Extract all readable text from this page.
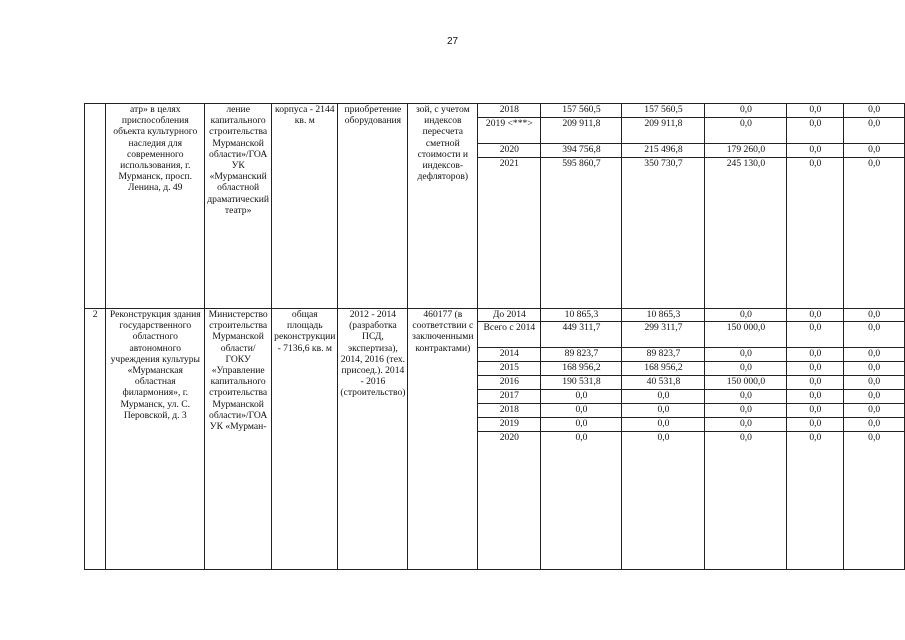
27
	атр» в целях приспособления объекта культурного наследия для современного использования, г. Мурманск, просп. Ленина, д. 49	ление капитального строительства Мурманской области»/ГОА УК «Мурманский областной драматический театр»	корпуса - 2144 кв. м	приобретение оборудования	зой, с учетом индексов пересчета сметной стоимости и индексов-дефляторов)	2018	157 560,5	157 560,5	0,0	0,0	0,0
						2019 <***>	209 911,8	209 911,8	0,0	0,0	0,0
						2020	394 756,8	215 496,8	179 260,0	0,0	0,0
						2021	595 860,7	350 730,7	245 130,0	0,0	0,0
2	Реконструкция здания государственного областного автономного учреждения культуры «Мурманская областная филармония», г. Мурманск, ул. С. Перовской, д. 3	Министерство строительства Мурманской области/ ГОКУ «Управление капитального строительства Мурманской области»/ГОА УК «Мурман-	общая площадь реконструкции - 7136,6 кв. м	2012 - 2014 (разработка ПСД, экспертиза), 2014, 2016 (тех. присоед.). 2014 - 2016 (строительство)	460177 (в соответствии с заключенными контрактами)	До 2014	10 865,3	10 865,3	0,0	0,0	0,0
						Всего с 2014	449 311,7	299 311,7	150 000,0	0,0	0,0
						2014	89 823,7	89 823,7	0,0	0,0	0,0
						2015	168 956,2	168 956,2	0,0	0,0	0,0
						2016	190 531,8	40 531,8	150 000,0	0,0	0,0
						2017	0,0	0,0	0,0	0,0	0,0
						2018	0,0	0,0	0,0	0,0	0,0
						2019	0,0	0,0	0,0	0,0	0,0
						2020	0,0	0,0	0,0	0,0	0,0
